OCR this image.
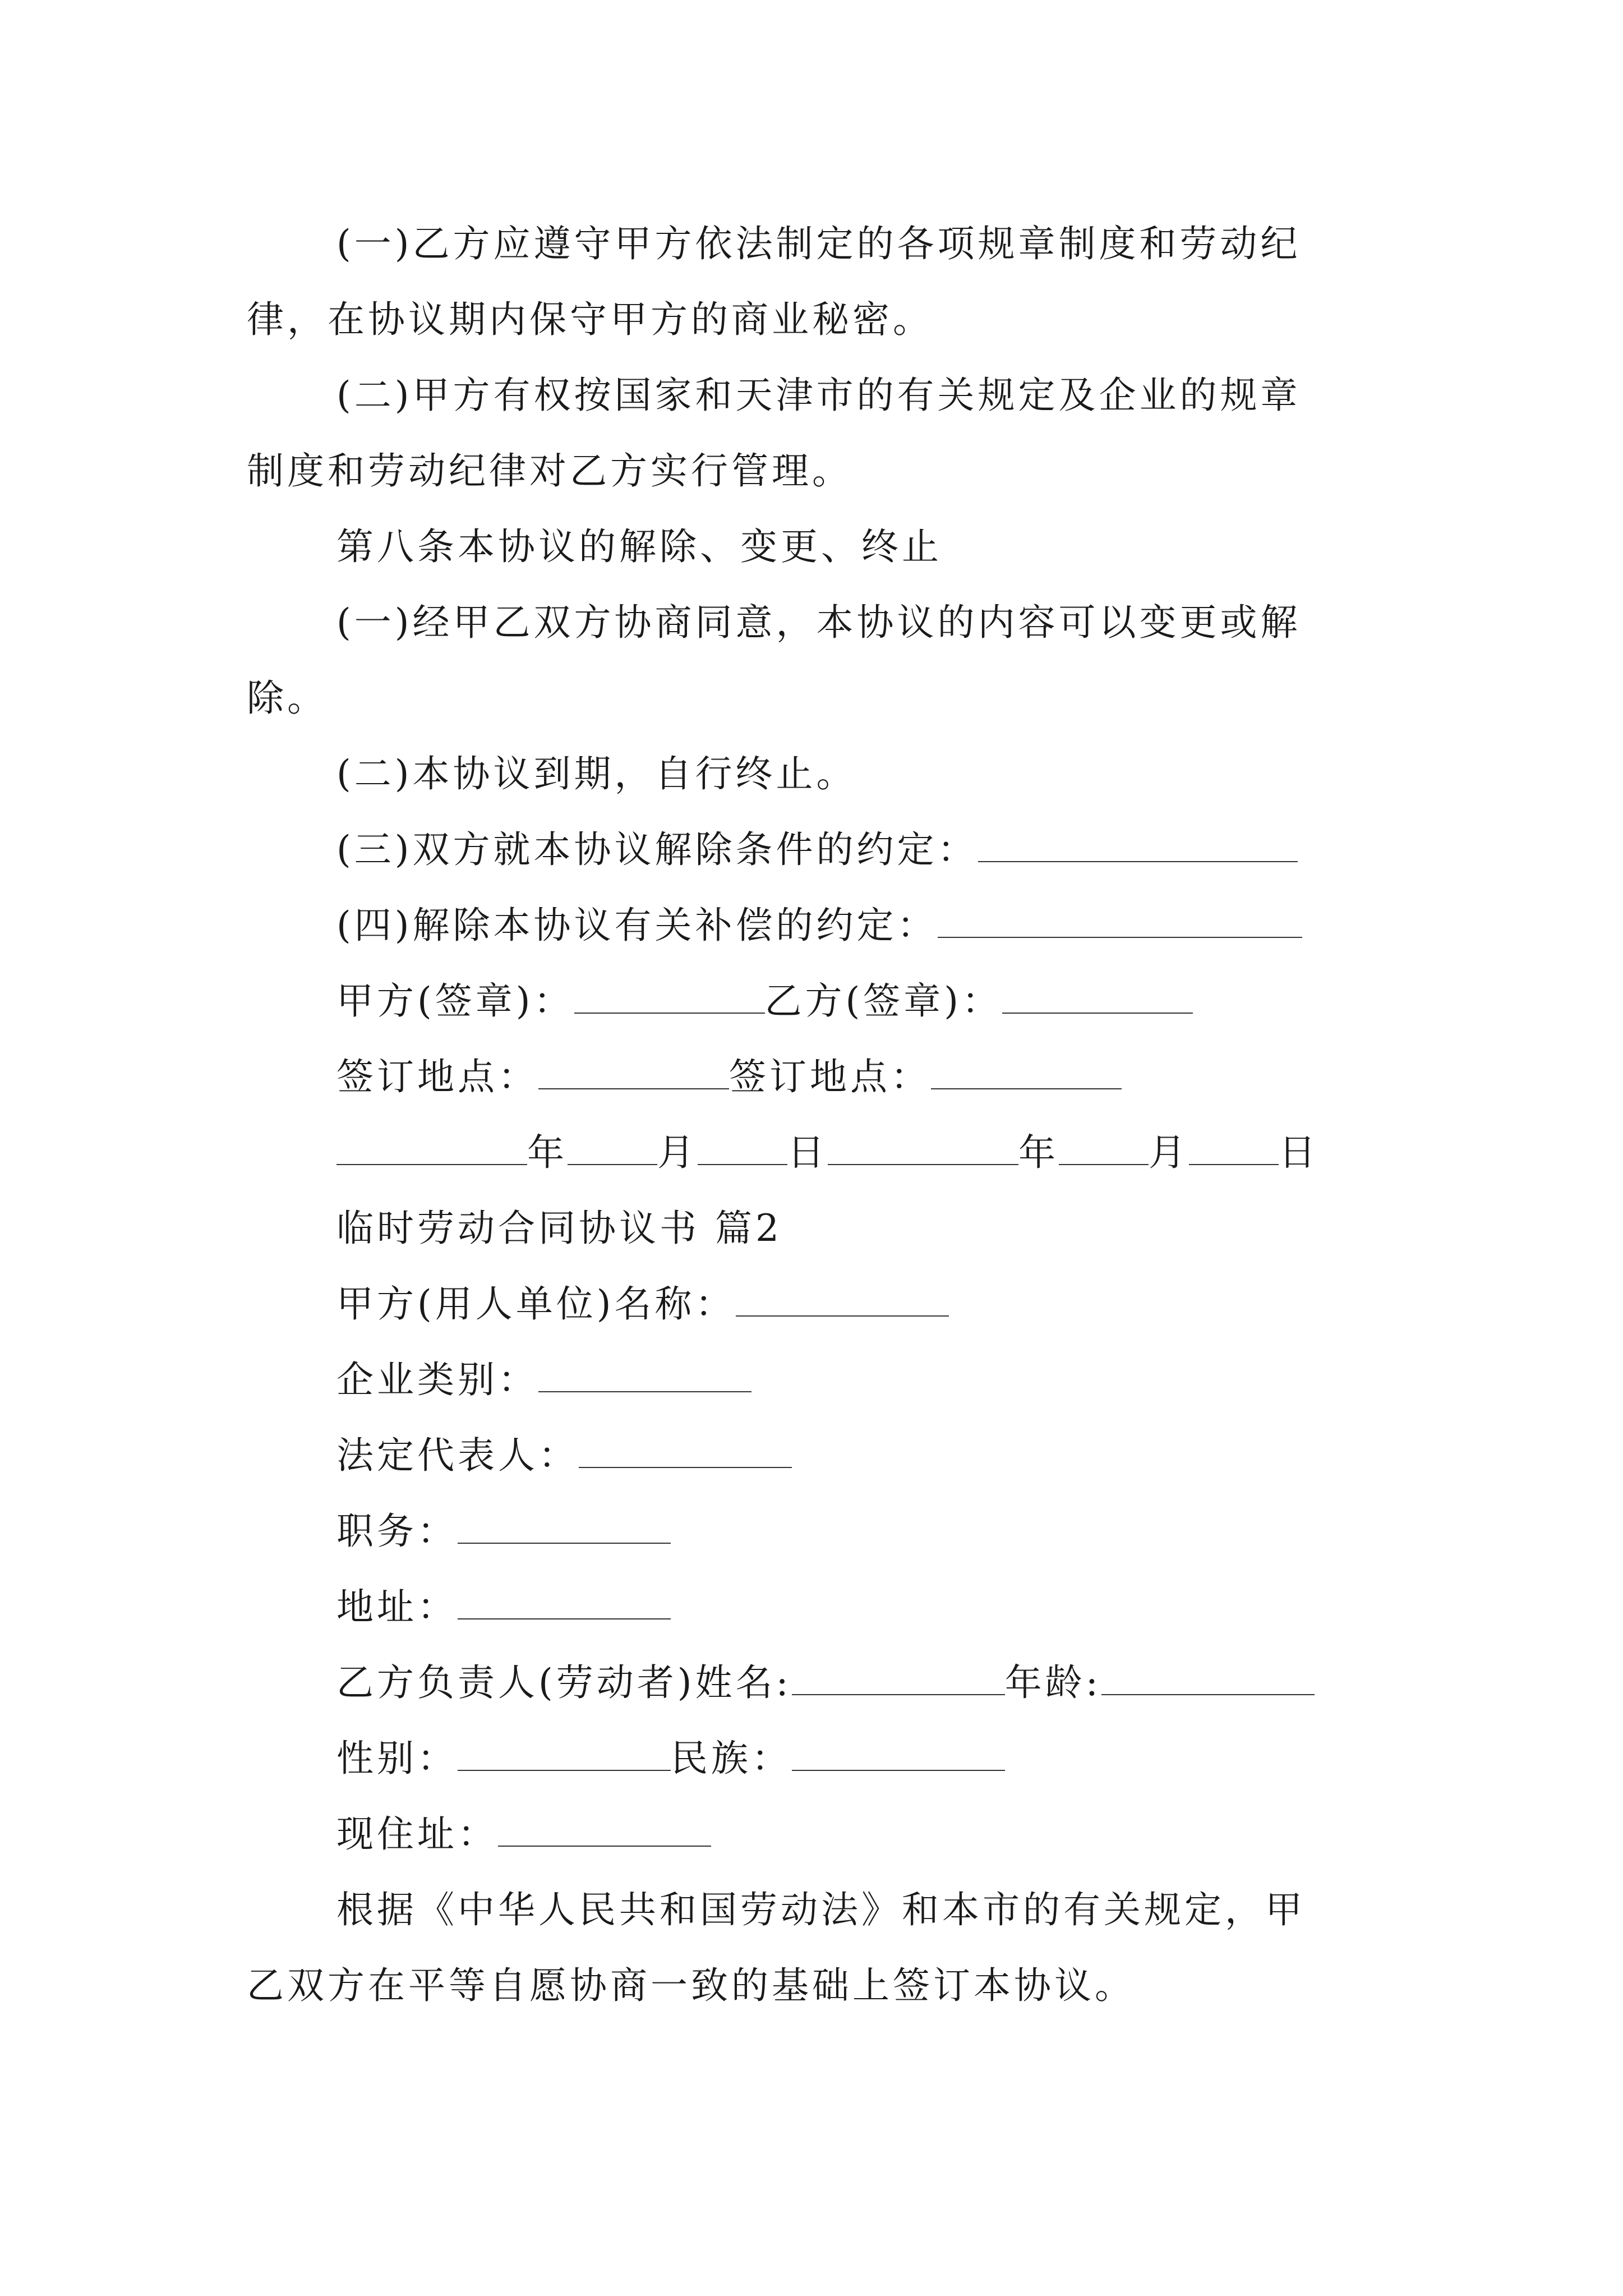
(一)乙方应遵守甲方依法制定的各项规章制度和劳动纪
律，在协议期内保守甲方的商业秘密。
(二)甲方有权按国家和天津市的有关规定及企业的规章
制度和劳动纪律对乙方实行管理。
第八条本协议的解除、变更、终止
(一)经甲乙双方协商同意，本协议的内容可以变更或解
除。
(二)本协议到期，自行终止。
(三)双方就本协议解除条件的约定：
(四)解除本协议有关补偿的约定：
甲方(签章)：	乙方(签章)：
签订地点：	签订地点：
年 月 日	年 月 日
临时劳动合同协议书 篇2
甲方(用人单位)名称：
企业类别：
法定代表人：
职务：
地址：
乙方负责人(劳动者)姓名:	年龄:
性别：	民族：
现住址：
根据《中华人民共和国劳动法》和本市的有关规定，甲
乙双方在平等自愿协商一致的基础上签订本协议。
